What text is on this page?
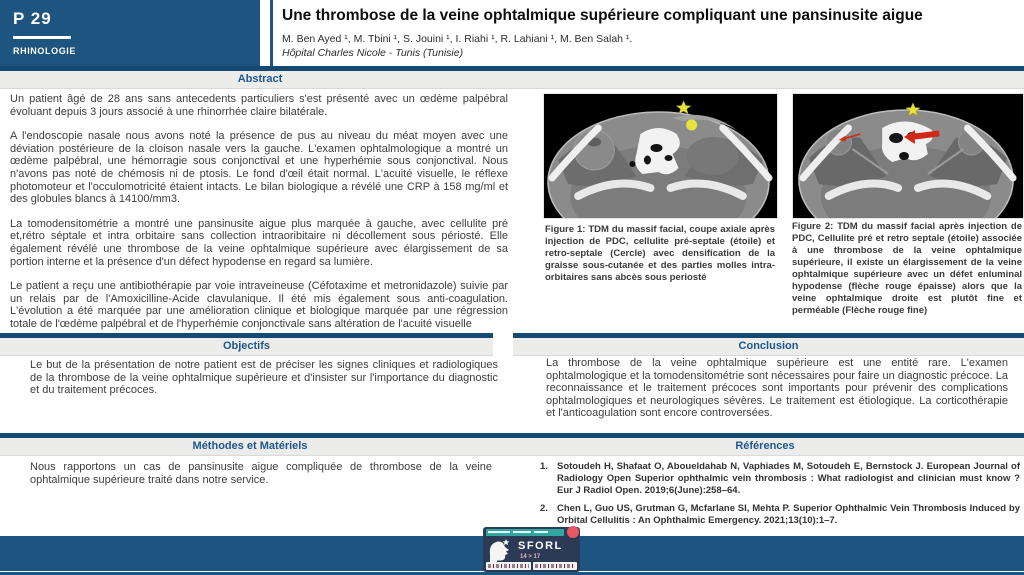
P 29
RHINOLOGIE
Une thrombose de la veine ophtalmique supérieure compliquant une pansinusite aigue
M. Ben Ayed ¹, M. Tbini ¹, S. Jouini ¹, I. Riahi ¹, R. Lahiani ¹, M. Ben Salah ¹.
Hôpital Charles Nicole - Tunis (Tunisie)
Abstract

Un patient âgé de 28 ans sans antecedents particuliers s'est présenté avec un œdème palpébral évoluant depuis 3 jours associé à une rhinorrhée claire bilatérale.

A l'endoscopie nasale nous avons noté la présence de pus au niveau du méat moyen avec une déviation postérieure de la cloison nasale vers la gauche. L'examen ophtalmologique a montré un œdème palpébral, une hémorragie sous conjonctival et une hyperhémie sous conjonctival. Nous n'avons pas noté de chémosis ni de ptosis. Le fond d'œil était normal. L'acuité visuelle, le réflexe photomoteur et l'occulomotricité étaient intacts. Le bilan biologique a révélé une CRP à 158 mg/ml et des globules blancs à 14100/mm3.

La tomodensitométrie a montré une pansinusite aigue plus marquée à gauche, avec cellulite pré et,rétro séptale et intra orbitaire sans collection intraoribitaire ni décollement sous périosté. Elle également révélé une thrombose de la veine ophtalmique supérieure avec élargissement de sa portion interne et la présence d'un défect hypodense en regard sa lumière.

Le patient a reçu une antibiothérapie par voie intraveineuse (Céfotaxime et metronidazole) suivie par un relais par de l'Amoxicilline-Acide clavulanique. Il été mis également sous anti-coagulation. L'évolution a été marquée par une amélioration clinique et biologique marquée par une régression totale de l'œdème palpébral et de l'hyperhémie conjonctivale sans altération de l'acuité visuelle

Figure 1: TDM du massif facial, coupe axiale après injection de PDC, cellulite pré-septale (étoile) et retro-septale (Cercle) avec densification de la graisse sous-cutanée et des parties molles intra-orbitaires sans abcès sous periosté
Figure 2: TDM du massif facial après injection de PDC, Cellulite pré et retro septale (étoile) associée à une thrombose de la veine ophtalmique supérieure, il existe un élargissement de la veine ophtalmique supérieure avec un défet enluminal hypodense (flèche rouge épaisse) alors que la veine ophtalmique droite est plutôt fine et perméable (Flèche rouge fine)
Objectifs	Conclusion
Le but de la présentation de notre patient est de préciser les signes cliniques et radiologiques de la thrombose de la veine ophtalmique supérieure et d'insister sur l'importance du diagnostic et du traitement précoces.
La thrombose de la veine ophtalmique supérieure est une entité rare. L'examen ophtalmologique et la tomodensitométrie sont nécessaires pour faire un diagnostic précoce. La reconnaissance et le traitement précoces sont importants pour prévenir des complications ophtalmologiques et neurologiques sévères. Le traitement est étiologique. La corticothérapie et l'anticoagulation sont encore controversées.
Méthodes et Matériels	Références
Nous rapportons un cas de pansinusite aigue compliquée de thrombose de la veine ophtalmique supérieure traité dans notre service.
1. Sotoudeh H, Shafaat O, Aboueldahab N, Vaphiades M, Sotoudeh E, Bernstock J. European Journal of Radiology Open Superior ophthalmic vein thrombosis : What radiologist and clinician must know ? Eur J Radiol Open. 2019;6(June):258–64.
2. Chen L, Guo US, Grutman G, Mcfarlane SI, Mehta P. Superior Ophthalmic Vein Thrombosis Induced by Orbital Cellulitis : An Ophthalmic Emergency. 2021;13(10):1–7.
SFORL
14 > 17
